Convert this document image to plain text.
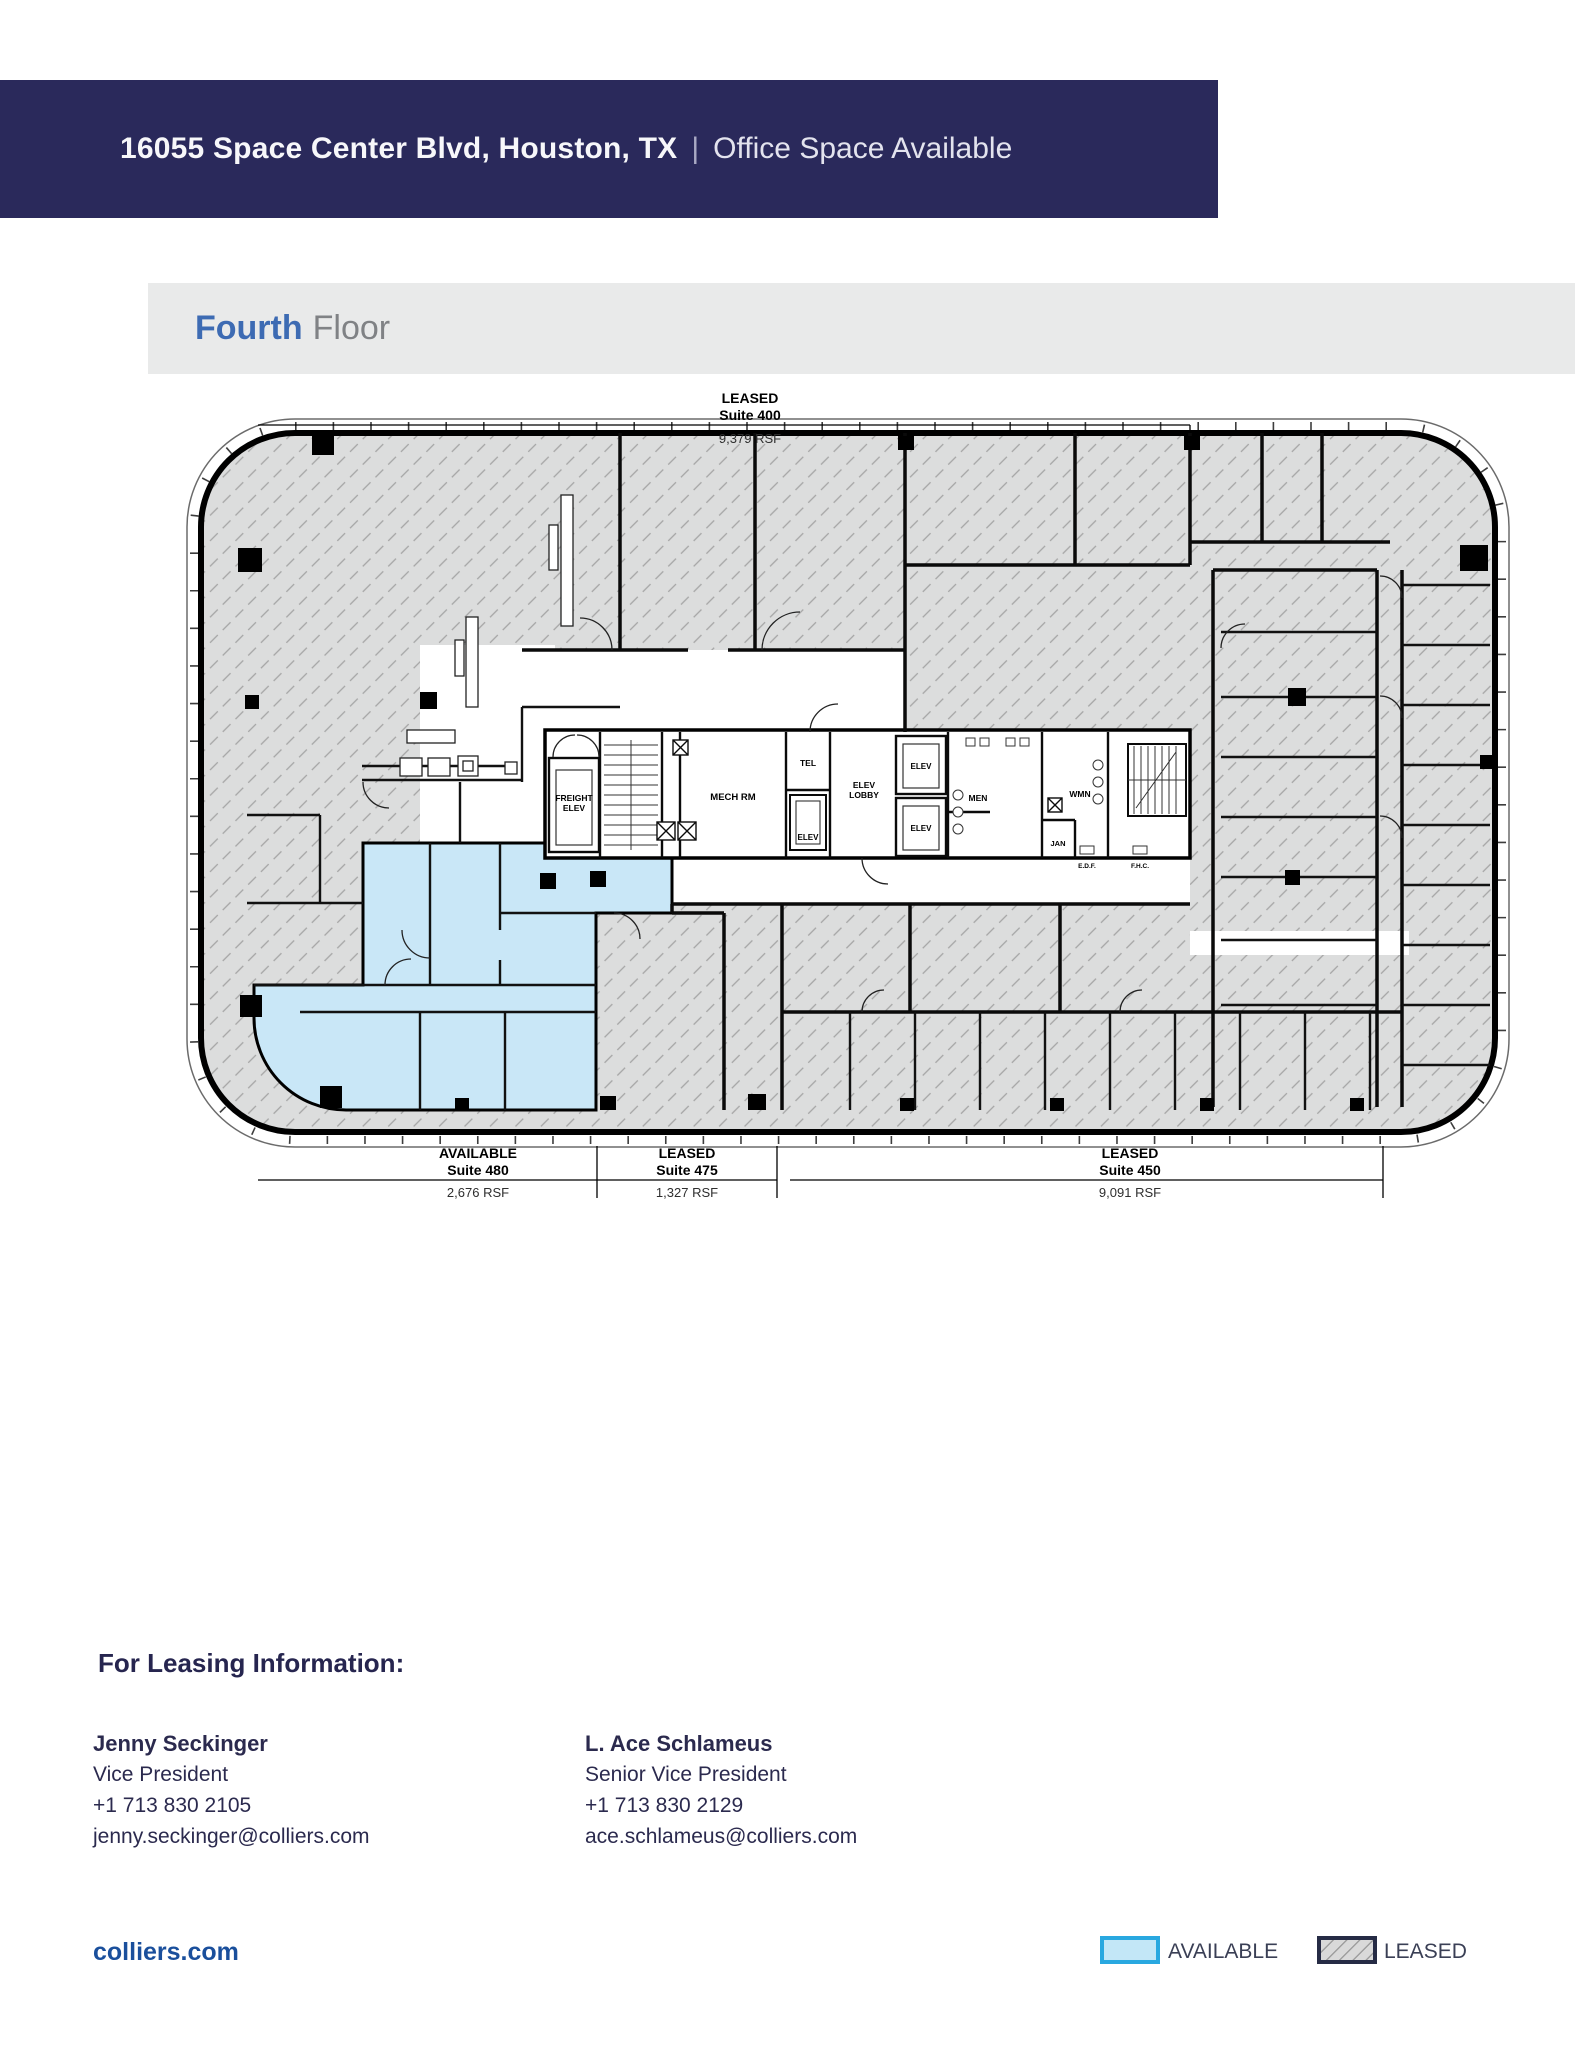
16055 Space Center Blvd, Houston, TX | Office Space Available
Fourth Floor
FREIGHT
ELEV
MECH RM
TEL
ELEV
ELEV
LOBBY
ELEV
ELEV
MEN	WMN
JAN
E.D.F.	F.H.C.
LEASED
Suite 400
9,379 RSF
AVAILABLE
Suite 480
2,676 RSF
LEASED
Suite 475
1,327 RSF
LEASED
Suite 450
9,091 RSF
For Leasing Information:
Jenny Seckinger
Vice President
+1 713 830 2105
jenny.seckinger@colliers.com
L. Ace Schlameus
Senior Vice President
+1 713 830 2129
ace.schlameus@colliers.com
colliers.com	AVAILABLE	LEASED
